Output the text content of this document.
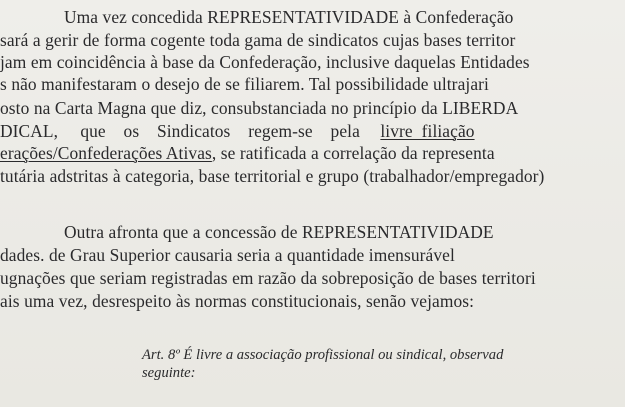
Uma vez concedida REPRESENTATIVIDADE à Confederação
sará a gerir de forma cogente toda gama de sindicatos cujas bases territor
jam em coincidência à base da Confederação, inclusive daquelas Entidades
s não manifestaram o desejo de se filiarem. Tal possibilidade ultrajari
osto na Carta Magna que diz, consubstanciada no princípio da LIBERDA
DICAL,     que    os    Sindicatos    regem-se    pela livre  filiação
erações/Confederações Ativas, se ratificada a correlação da representa
tutária adstritas à categoria, base territorial e grupo (trabalhador/empregador)
Outra afronta que a concessão de REPRESENTATIVIDADE
dades. de Grau Superior causaria seria a quantidade imensurável
ugnações que seriam registradas em razão da sobreposição de bases territori
ais uma vez, desrespeito às normas constitucionais, senão vejamos:
Art. 8º É livre a associação profissional ou sindical, observad
seguinte:
